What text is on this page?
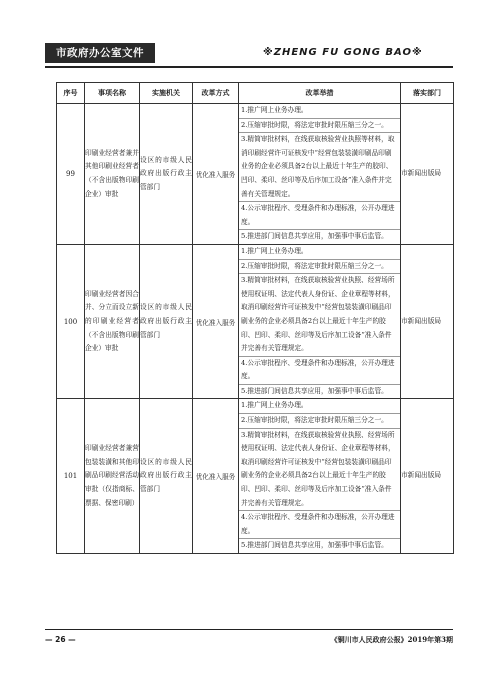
市政府办公室文件	※ZHENG FU GONG BAO※
序号	事项名称	实施机关	改革方式	改革举措	落实部门
99	印刷业经营者兼并其他印刷业经营者（不含出版物印刷企业）审批	设区的市级人民政府出版行政主管部门	优化准入服务	1.推广网上业务办理。
2.压缩审批时限，将法定审批时限压缩三分之一。
3.精简审批材料，在线获取核验营业执照等材料，取消印刷经营许可证核发中“经营包装装潢印刷品印刷业务的企业必须具备2台以上最近十年生产的胶印、凹印、柔印、丝印等及后序加工设备”准入条件并完善有关管理规定。
4.公示审批程序、受理条件和办理标准，公开办理进度。
5.推进部门间信息共享应用，加强事中事后监管。	市新闻出版局
100	印刷业经营者因合并、分立而设立新的印刷业经营者（不含出版物印刷企业）审批	设区的市级人民政府出版行政主管部门	优化准入服务	1.推广网上业务办理。
2.压缩审批时限，将法定审批时限压缩三分之一。
3.精简审批材料，在线获取核验营业执照、经营场所使用权证明、法定代表人身份证、企业章程等材料，取消印刷经营许可证核发中“经营包装装潢印刷品印刷业务的企业必须具备2台以上最近十年生产的胶印、凹印、柔印、丝印等及后序加工设备”准入条件并完善有关管理规定。
4.公示审批程序、受理条件和办理标准，公开办理进度。
5.推进部门间信息共享应用，加强事中事后监管。	市新闻出版局
101	印刷业经营者兼营包装装潢和其他印刷品印刷经营活动审批（仅指商标、票据、保密印刷）	设区的市级人民政府出版行政主管部门	优化准入服务	1.推广网上业务办理。
2.压缩审批时限，将法定审批时限压缩三分之一。
3.精简审批材料，在线获取核验营业执照、经营场所使用权证明、法定代表人身份证、企业章程等材料，取消印刷经营许可证核发中“经营包装装潢印刷品印刷业务的企业必须具备2台以上最近十年生产的胶印、凹印、柔印、丝印等及后序加工设备”准入条件并完善有关管理规定。
4.公示审批程序、受理条件和办理标准，公开办理进度。
5.推进部门间信息共享应用，加强事中事后监管。	市新闻出版局
— 26 —	《铜川市人民政府公报》2019年第3期
